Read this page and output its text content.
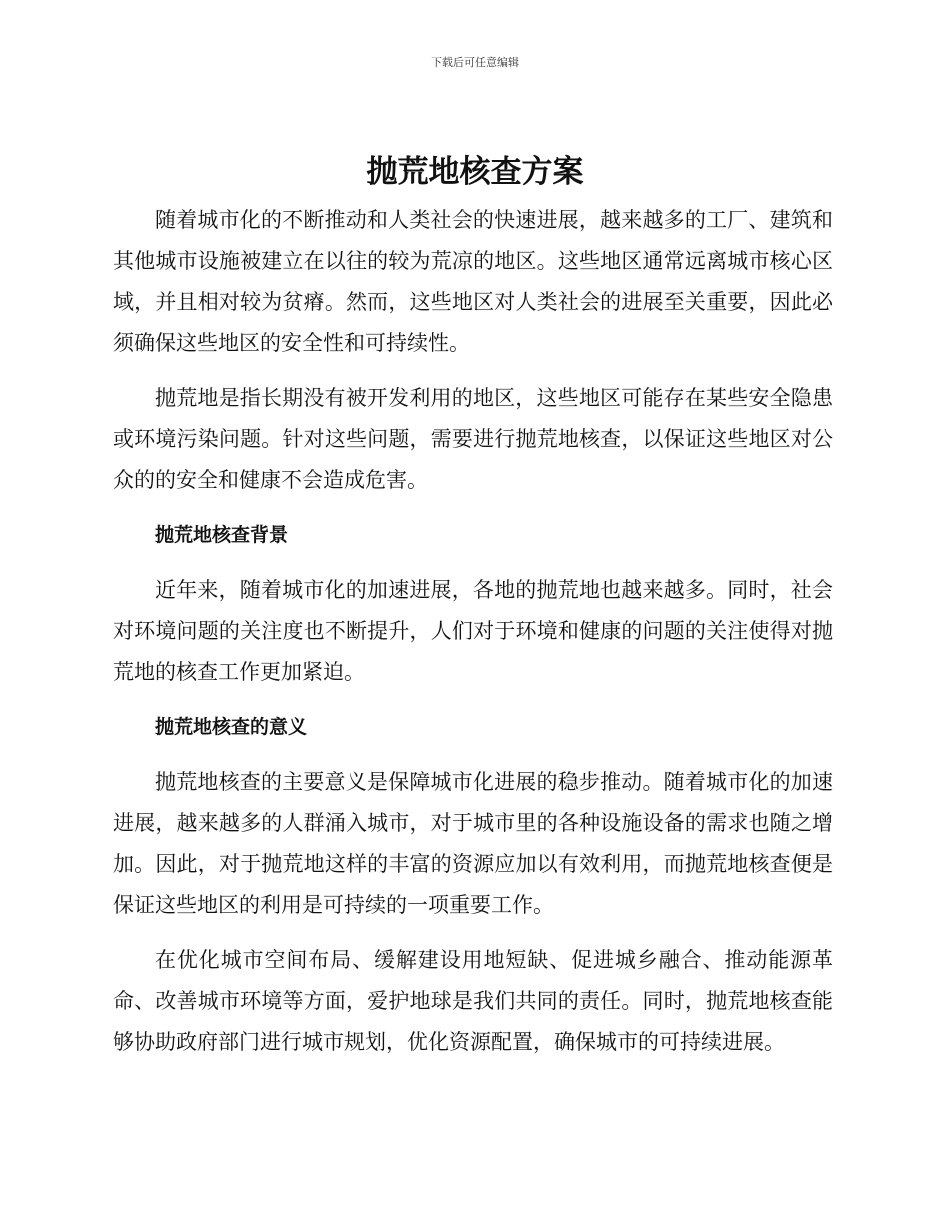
下载后可任意编辑
抛荒地核查方案

随着城市化的不断推动和人类社会的快速进展，越来越多的工厂、建筑和其他城市设施被建立在以往的较为荒凉的地区。这些地区通常远离城市核心区域，并且相对较为贫瘠。然而，这些地区对人类社会的进展至关重要，因此必须确保这些地区的安全性和可持续性。

抛荒地是指长期没有被开发利用的地区，这些地区可能存在某些安全隐患或环境污染问题。针对这些问题，需要进行抛荒地核查，以保证这些地区对公众的的安全和健康不会造成危害。

抛荒地核查背景

近年来，随着城市化的加速进展，各地的抛荒地也越来越多。同时，社会对环境问题的关注度也不断提升，人们对于环境和健康的问题的关注使得对抛荒地的核查工作更加紧迫。

抛荒地核查的意义

抛荒地核查的主要意义是保障城市化进展的稳步推动。随着城市化的加速进展，越来越多的人群涌入城市，对于城市里的各种设施设备的需求也随之增加。因此，对于抛荒地这样的丰富的资源应加以有效利用，而抛荒地核查便是保证这些地区的利用是可持续的一项重要工作。

在优化城市空间布局、缓解建设用地短缺、促进城乡融合、推动能源革命、改善城市环境等方面，爱护地球是我们共同的责任。同时，抛荒地核查能够协助政府部门进行城市规划，优化资源配置，确保城市的可持续进展。
